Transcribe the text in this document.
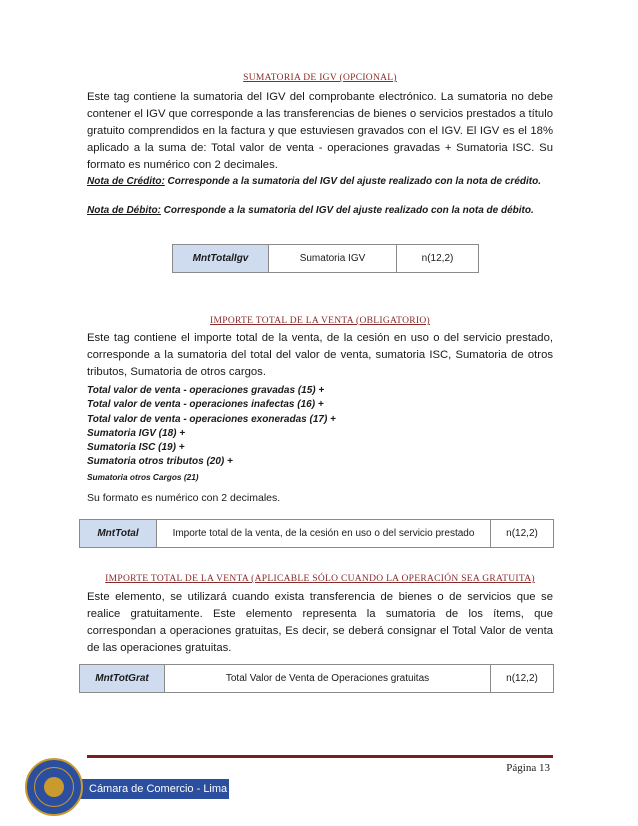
SUMATORIA DE IGV (OPCIONAL)

Este tag contiene la sumatoria del IGV del comprobante electrónico. La sumatoria no debe contener el IGV que corresponde a las transferencias de bienes o servicios prestados a título gratuito comprendidos en la factura y que estuviesen gravados con el IGV. El IGV es el 18% aplicado a la suma de: Total valor de venta - operaciones gravadas + Sumatoria ISC. Su formato es numérico con 2 decimales.

Nota de Crédito: Corresponde a la sumatoria del IGV del ajuste realizado con la nota de crédito.

Nota de Débito: Corresponde a la sumatoria del IGV del ajuste realizado con la nota de débito.

MntTotalIgv	Sumatoria IGV	n(12,2)
IMPORTE TOTAL DE LA VENTA (OBLIGATORIO)

Este tag contiene el importe total de la venta, de la cesión en uso o del servicio prestado, corresponde a la sumatoria del total del valor de venta, sumatoria ISC, Sumatoria de otros tributos, Sumatoria de otros cargos.

Total valor de venta - operaciones gravadas (15) +
Total valor de venta - operaciones inafectas (16) +
Total valor de venta - operaciones exoneradas (17) +
Sumatoria IGV (18) +
Sumatoria ISC (19) +
Sumatoria otros tributos (20) +
Sumatoria otros Cargos (21)

Su formato es numérico con 2 decimales.

MntTotal	Importe total de la venta, de la cesión en uso o del servicio prestado	n(12,2)
IMPORTE TOTAL DE LA VENTA (APLICABLE SÓLO CUANDO LA OPERACIÓN SEA GRATUITA)

Este elemento, se utilizará cuando exista transferencia de bienes o de servicios que se realice gratuitamente. Este elemento representa la sumatoria de los ítems, que correspondan a operaciones gratuitas, Es decir, se deberá consignar el Total Valor de venta de las operaciones gratuitas.

MntTotGrat	Total Valor de Venta de Operaciones gratuitas	n(12,2)
Página 13
Cámara de Comercio - Lima
